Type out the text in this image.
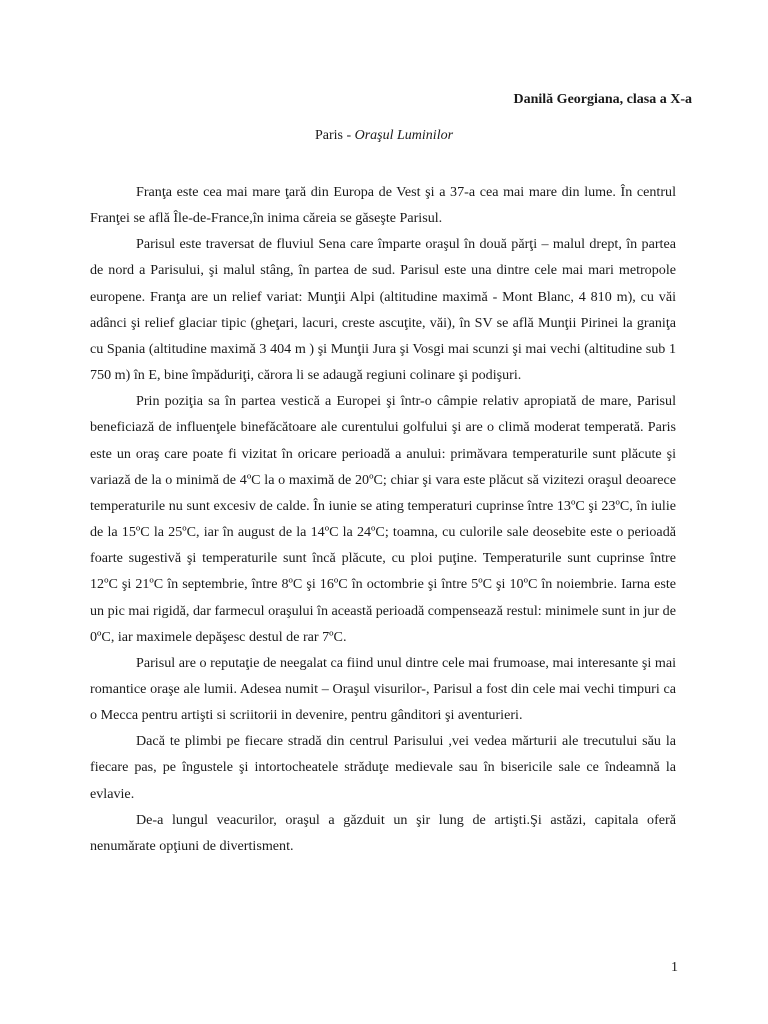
Danilă Georgiana, clasa a X-a
Paris - Oraşul Luminilor

Franţa este cea mai mare ţară din Europa de Vest şi a 37-a cea mai mare din lume. În centrul Franţei se află Île-de-France,în inima căreia se găseşte Parisul.

Parisul este traversat de fluviul Sena care împarte oraşul în două părţi – malul drept, în partea de nord a Parisului, şi malul stâng, în partea de sud. Parisul este una dintre cele mai mari metropole europene. Franţa are un relief variat: Munţii Alpi (altitudine maximă - Mont Blanc, 4 810 m), cu văi adânci şi relief glaciar tipic (gheţari, lacuri, creste ascuţite, văi), în SV se află Munţii Pirinei la graniţa cu Spania (altitudine maximă 3 404 m ) şi Munţii Jura şi Vosgi mai scunzi şi mai vechi (altitudine sub 1 750 m) în E, bine împăduriţi, cărora li se adaugă regiuni colinare şi podişuri.

Prin poziţia sa în partea vestică a Europei şi într-o câmpie relativ apropiată de mare, Parisul beneficiază de influenţele binefăcătoare ale curentului golfului şi are o climă moderat temperată. Paris este un oraş care poate fi vizitat în oricare perioadă a anului: primăvara temperaturile sunt plăcute şi variază de la o minimă de 4ºC la o maximă de 20ºC; chiar şi vara este plăcut să vizitezi oraşul deoarece temperaturile nu sunt excesiv de calde. În iunie se ating temperaturi cuprinse între 13ºC şi 23ºC, în iulie de la 15ºC la 25ºC, iar în august de la 14ºC la 24ºC; toamna, cu culorile sale deosebite este o perioadă foarte sugestivă şi temperaturile sunt încă plăcute, cu ploi puţine. Temperaturile sunt cuprinse între 12ºC şi 21ºC în septembrie, între 8ºC şi 16ºC în octombrie şi între 5ºC şi 10ºC în noiembrie. Iarna este un pic mai rigidă, dar farmecul oraşului în această perioadă compensează restul: minimele sunt in jur de 0ºC, iar maximele depăşesc destul de rar 7ºC.

Parisul are o reputaţie de neegalat ca fiind unul dintre cele mai frumoase, mai interesante şi mai romantice oraşe ale lumii. Adesea numit – Oraşul visurilor-, Parisul a fost din cele mai vechi timpuri ca o Mecca pentru artişti si scriitorii in devenire, pentru gânditori şi aventurieri.

Dacă te plimbi pe fiecare stradă din centrul Parisului ,vei vedea mărturii ale trecutului său la fiecare pas, pe îngustele şi intortocheatele străduţe medievale sau în bisericile sale ce îndeamnă la evlavie.

De-a lungul veacurilor, oraşul a găzduit un şir lung de artişti.Şi astăzi, capitala oferă nenumărate opţiuni de divertisment.

1
